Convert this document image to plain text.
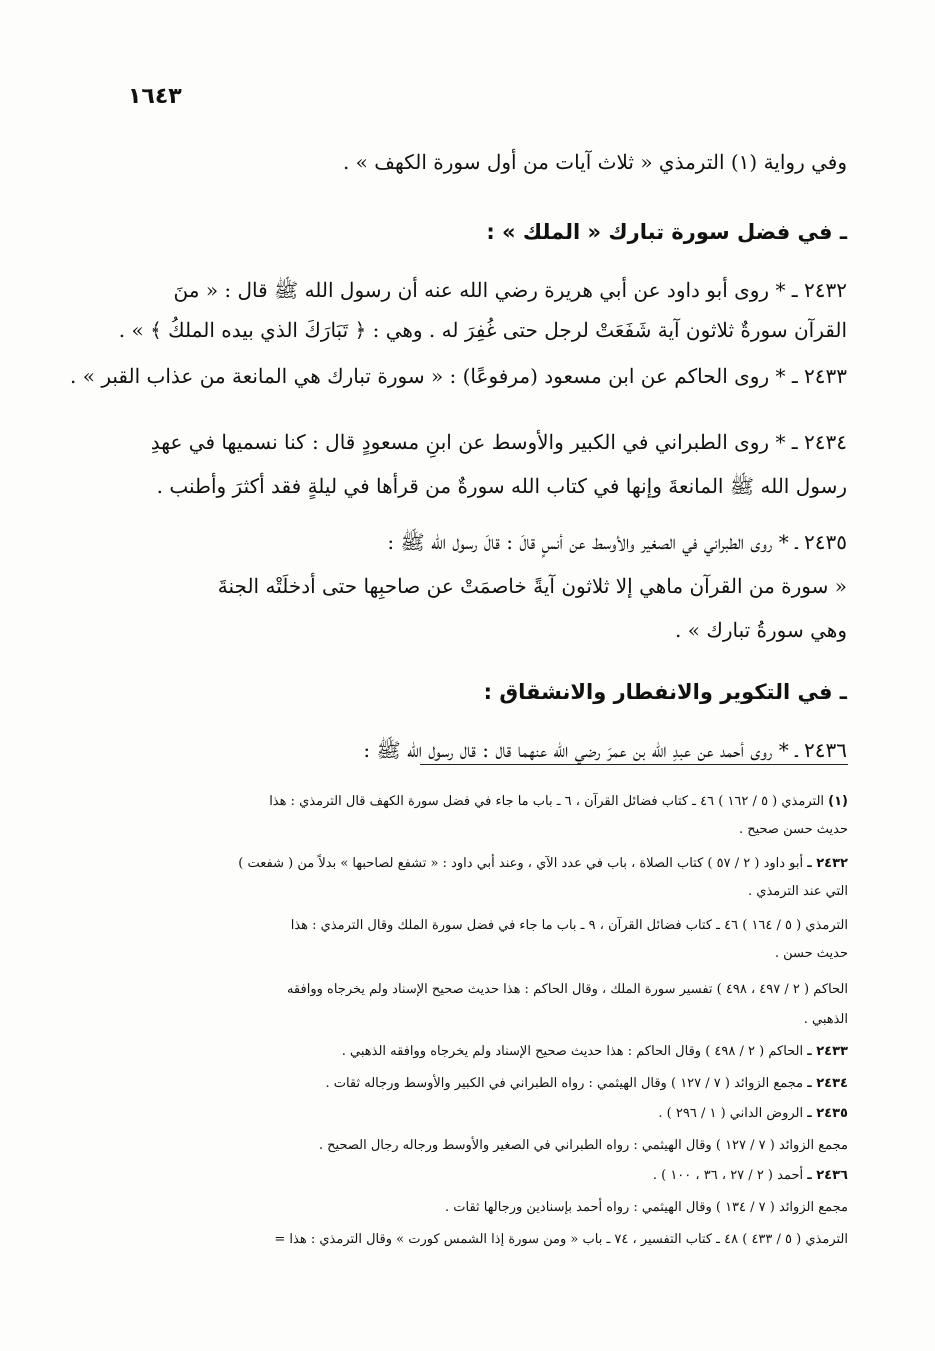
١٦٤٣
وفي رواية (١) الترمذي « ثلاث آيات من أول سورة الكهف » .
ـ في فضل سورة تبارك « الملك » :
٢٤٣٢ ـ * روى أبو داود عن أبي هريرة رضي الله عنه أن رسول الله ﷺ قال : « منَ
القرآن سورةٌ ثلاثون آية شَفَعَتْ لرجل حتى غُفِرَ له . وهي : ﴿ تَبَارَكَ الذي بيده الملكُ ﴾ » .
٢٤٣٣ ـ * روى الحاكم عن ابن مسعود (مرفوعًا) : « سورة تبارك هي المانعة من عذاب القبر » .
٢٤٣٤ ـ * روى الطبراني في الكبير والأوسط عن ابنِ مسعودٍ قال : كنا نسميها في عهدِ
رسول الله ﷺ المانعةَ وإنها في كتاب الله سورةٌ من قرأها في ليلةٍ فقد أكثرَ وأطنب .
٢٤٣٥ ـ * روى الطبراني في الصغير والأوسط عن أنسٍ قالَ : قالَ رسول الله ﷺ :
« سورة من القرآن ماهي إلا ثلاثون آيةً خاصمَتْ عن صاحبِها حتى أدخلَتْه الجنةَ
وهي سورةُ تبارك » .
ـ في التكوير والانفطار والانشقاق :
٢٤٣٦ ـ * روى أحمد عن عبدِ الله بن عمرَ رضي الله عنهما قال : قال رسول الله ﷺ :
(١) الترمذي ( ٥ / ١٦٢ ) ٤٦ ـ كتاب فضائل القرآن ، ٦ ـ باب ما جاء في فضل سورة الكهف قال الترمذي : هذا
حديث حسن صحيح .
٢٤٣٢ ـ أبو داود ( ٢ / ٥٧ ) كتاب الصلاة ، باب في عدد الآي ، وعند أبي داود : « تشفع لصاحبها » بدلاً من ( شفعت )
التي عند الترمذي .
الترمذي ( ٥ / ١٦٤ ) ٤٦ ـ كتاب فضائل القرآن ، ٩ ـ باب ما جاء في فضل سورة الملك وقال الترمذي : هذا
حديث حسن .
الحاكم ( ٢ / ٤٩٧ ، ٤٩٨ ) تفسير سورة الملك ، وقال الحاكم : هذا حديث صحيح الإسناد ولم يخرجاه ووافقه
الذهبي .
٢٤٣٣ ـ الحاكم ( ٢ / ٤٩٨ ) وقال الحاكم : هذا حديث صحيح الإسناد ولم يخرجاه ووافقه الذهبي .
٢٤٣٤ ـ مجمع الزوائد ( ٧ / ١٢٧ ) وقال الهيثمي : رواه الطبراني في الكبير والأوسط ورجاله ثقات .
٢٤٣٥ ـ الروض الداني ( ١ / ٢٩٦ ) .
مجمع الزوائد ( ٧ / ١٢٧ ) وقال الهيثمي : رواه الطبراني في الصغير والأوسط ورجاله رجال الصحيح .
٢٤٣٦ ـ أحمد ( ٢ / ٢٧ ، ٣٦ ، ١٠٠ ) .
مجمع الزوائد ( ٧ / ١٣٤ ) وقال الهيثمي : رواه أحمد بإسنادين ورجالها ثقات .
الترمذي ( ٥ / ٤٣٣ ) ٤٨ ـ كتاب التفسير ، ٧٤ ـ باب « ومن سورة إذا الشمس كورت » وقال الترمذي : هذا =
